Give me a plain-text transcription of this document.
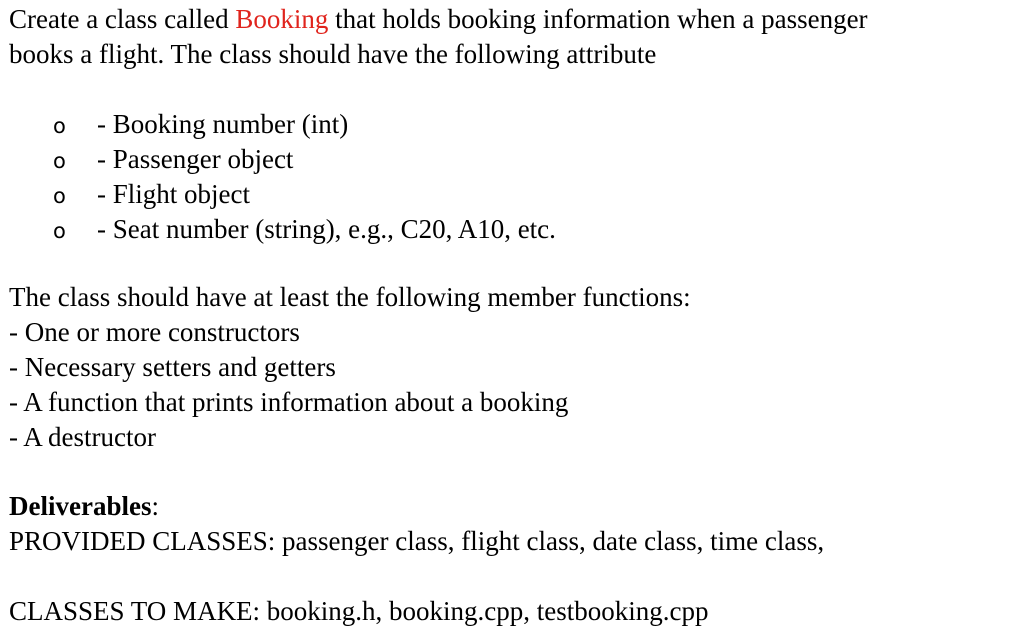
Create a class called Booking that holds booking information when a passenger
books a flight. The class should have the following attribute
o - Booking number (int)
o - Passenger object
o - Flight object
o - Seat number (string), e.g., C20, A10, etc.
The class should have at least the following member functions:
- One or more constructors
- Necessary setters and getters
- A function that prints information about a booking
- A destructor
Deliverables:
PROVIDED CLASSES: passenger class, flight class, date class, time class,
CLASSES TO MAKE: booking.h, booking.cpp, testbooking.cpp
